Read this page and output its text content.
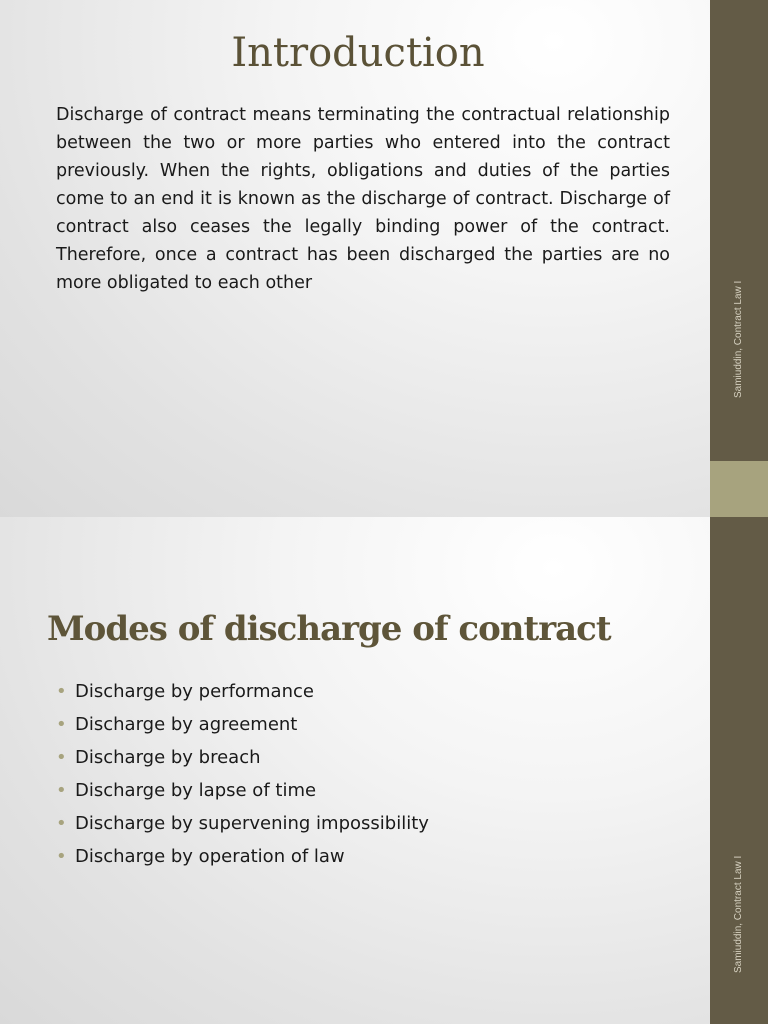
Samiuddin, Contract Law I
Introduction

Discharge of contract means terminating the contractual relationship between the two or more parties who entered into the contract previously. When the rights, obligations and duties of the parties come to an end it is known as the discharge of contract. Discharge of contract also ceases the legally binding power of the contract. Therefore, once a contract has been discharged the parties are no more obligated to each other

Samiuddin, Contract Law I
Modes of discharge of contract
• Discharge by performance
• Discharge by agreement
• Discharge by breach
• Discharge by lapse of time
• Discharge by supervening impossibility
• Discharge by operation of law
